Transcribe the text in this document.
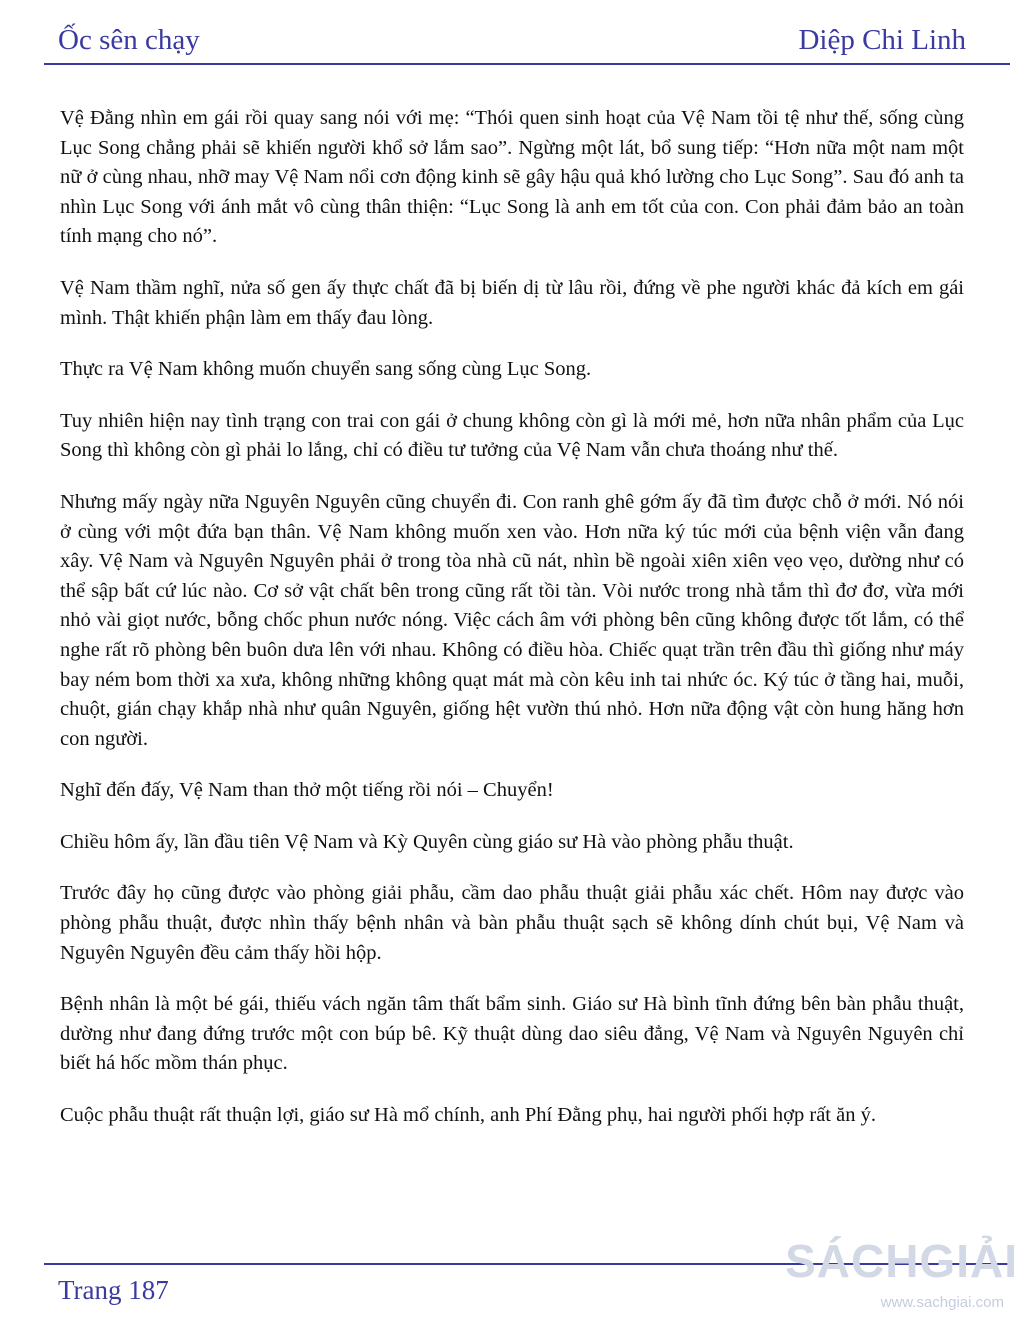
Ốc sên chạy	Diệp Chi Linh

Vệ Đằng nhìn em gái rồi quay sang nói với mẹ: “Thói quen sinh hoạt của Vệ Nam tồi tệ như thế, sống cùng Lục Song chẳng phải sẽ khiến người khổ sở lắm sao”. Ngừng một lát, bổ sung tiếp: “Hơn nữa một nam một nữ ở cùng nhau, nhỡ may Vệ Nam nổi cơn động kinh sẽ gây hậu quả khó lường cho Lục Song”. Sau đó anh ta nhìn Lục Song với ánh mắt vô cùng thân thiện: “Lục Song là anh em tốt của con. Con phải đảm bảo an toàn tính mạng cho nó”.

Vệ Nam thầm nghĩ, nửa số gen ấy thực chất đã bị biến dị từ lâu rồi, đứng về phe người khác đả kích em gái mình. Thật khiến phận làm em thấy đau lòng.

Thực ra Vệ Nam không muốn chuyển sang sống cùng Lục Song.

Tuy nhiên hiện nay tình trạng con trai con gái ở chung không còn gì là mới mẻ, hơn nữa nhân phẩm của Lục Song thì không còn gì phải lo lắng, chỉ có điều tư tưởng của Vệ Nam vẫn chưa thoáng như thế.

Nhưng mấy ngày nữa Nguyên Nguyên cũng chuyển đi. Con ranh ghê gớm ấy đã tìm được chỗ ở mới. Nó nói ở cùng với một đứa bạn thân. Vệ Nam không muốn xen vào. Hơn nữa ký túc mới của bệnh viện vẫn đang xây. Vệ Nam và Nguyên Nguyên phải ở trong tòa nhà cũ nát, nhìn bề ngoài xiên xiên vẹo vẹo, dường như có thể sập bất cứ lúc nào. Cơ sở vật chất bên trong cũng rất tồi tàn. Vòi nước trong nhà tắm thì đơ đơ, vừa mới nhỏ vài giọt nước, bỗng chốc phun nước nóng. Việc cách âm với phòng bên cũng không được tốt lắm, có thể nghe rất rõ phòng bên buôn dưa lên với nhau. Không có điều hòa. Chiếc quạt trần trên đầu thì giống như máy bay ném bom thời xa xưa, không những không quạt mát mà còn kêu inh tai nhức óc. Ký túc ở tầng hai, muỗi, chuột, gián chạy khắp nhà như quân Nguyên, giống hệt vườn thú nhỏ. Hơn nữa động vật còn hung hăng hơn con người.

Nghĩ đến đấy, Vệ Nam than thở một tiếng rồi nói – Chuyển!

Chiều hôm ấy, lần đầu tiên Vệ Nam và Kỳ Quyên cùng giáo sư Hà vào phòng phẫu thuật.

Trước đây họ cũng được vào phòng giải phẫu, cầm dao phẫu thuật giải phẫu xác chết. Hôm nay được vào phòng phẫu thuật, được nhìn thấy bệnh nhân và bàn phẫu thuật sạch sẽ không dính chút bụi, Vệ Nam và Nguyên Nguyên đều cảm thấy hồi hộp.

Bệnh nhân là một bé gái, thiếu vách ngăn tâm thất bẩm sinh. Giáo sư Hà bình tĩnh đứng bên bàn phẫu thuật, dường như đang đứng trước một con búp bê. Kỹ thuật dùng dao siêu đẳng, Vệ Nam và Nguyên Nguyên chỉ biết há hốc mồm thán phục.

Cuộc phẫu thuật rất thuận lợi, giáo sư Hà mổ chính, anh Phí Đằng phụ, hai người phối hợp rất ăn ý.

Trang 187
SÁCHGIẢI
www.sachgiai.com
